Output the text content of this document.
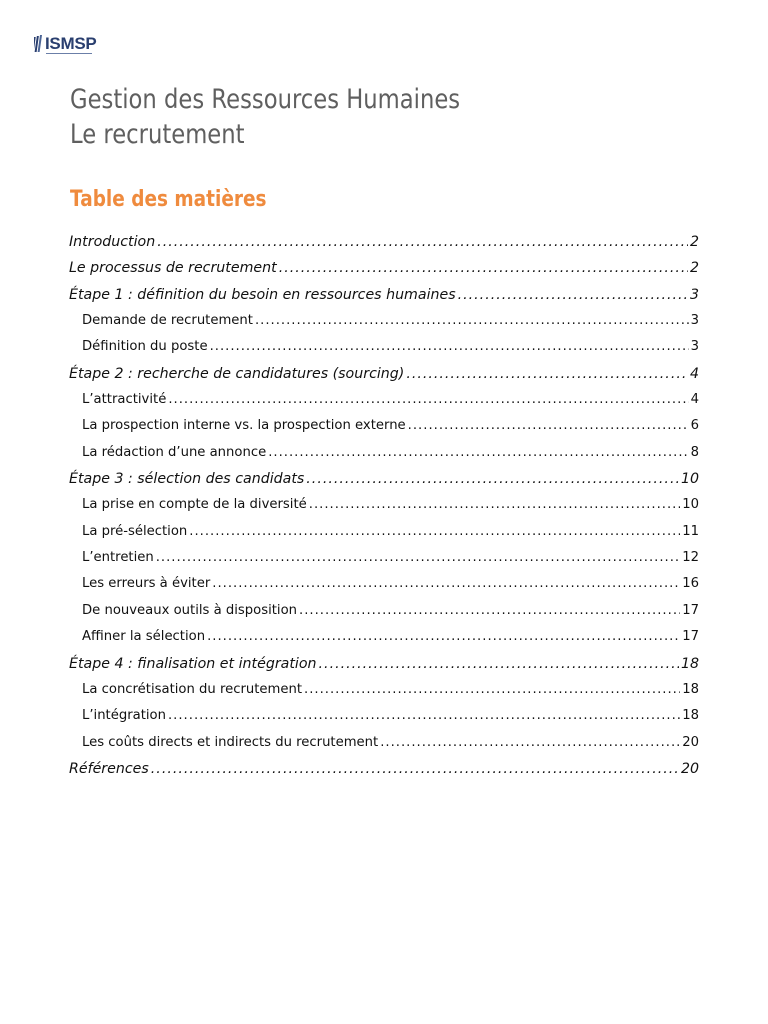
ISMSP
Gestion des Ressources Humaines
Le recrutement
Table des matières
Introduction .....	2
Le processus de recrutement .....	2
Étape 1 : définition du besoin en ressources humaines .....	3
Demande de recrutement .....	3
Définition du poste .....	3
Étape 2 : recherche de candidatures (sourcing) .....	4
L’attractivité .....	4
La prospection interne vs. la prospection externe .....	6
La rédaction d’une annonce .....	8
Étape 3 : sélection des candidats .....	10
La prise en compte de la diversité .....	10
La pré-sélection .....	11
L’entretien .....	12
Les erreurs à éviter .....	16
De nouveaux outils à disposition .....	17
Affiner la sélection .....	17
Étape 4 : finalisation et intégration .....	18
La concrétisation du recrutement .....	18
L’intégration .....	18
Les coûts directs et indirects du recrutement .....	20
Références .....	20
